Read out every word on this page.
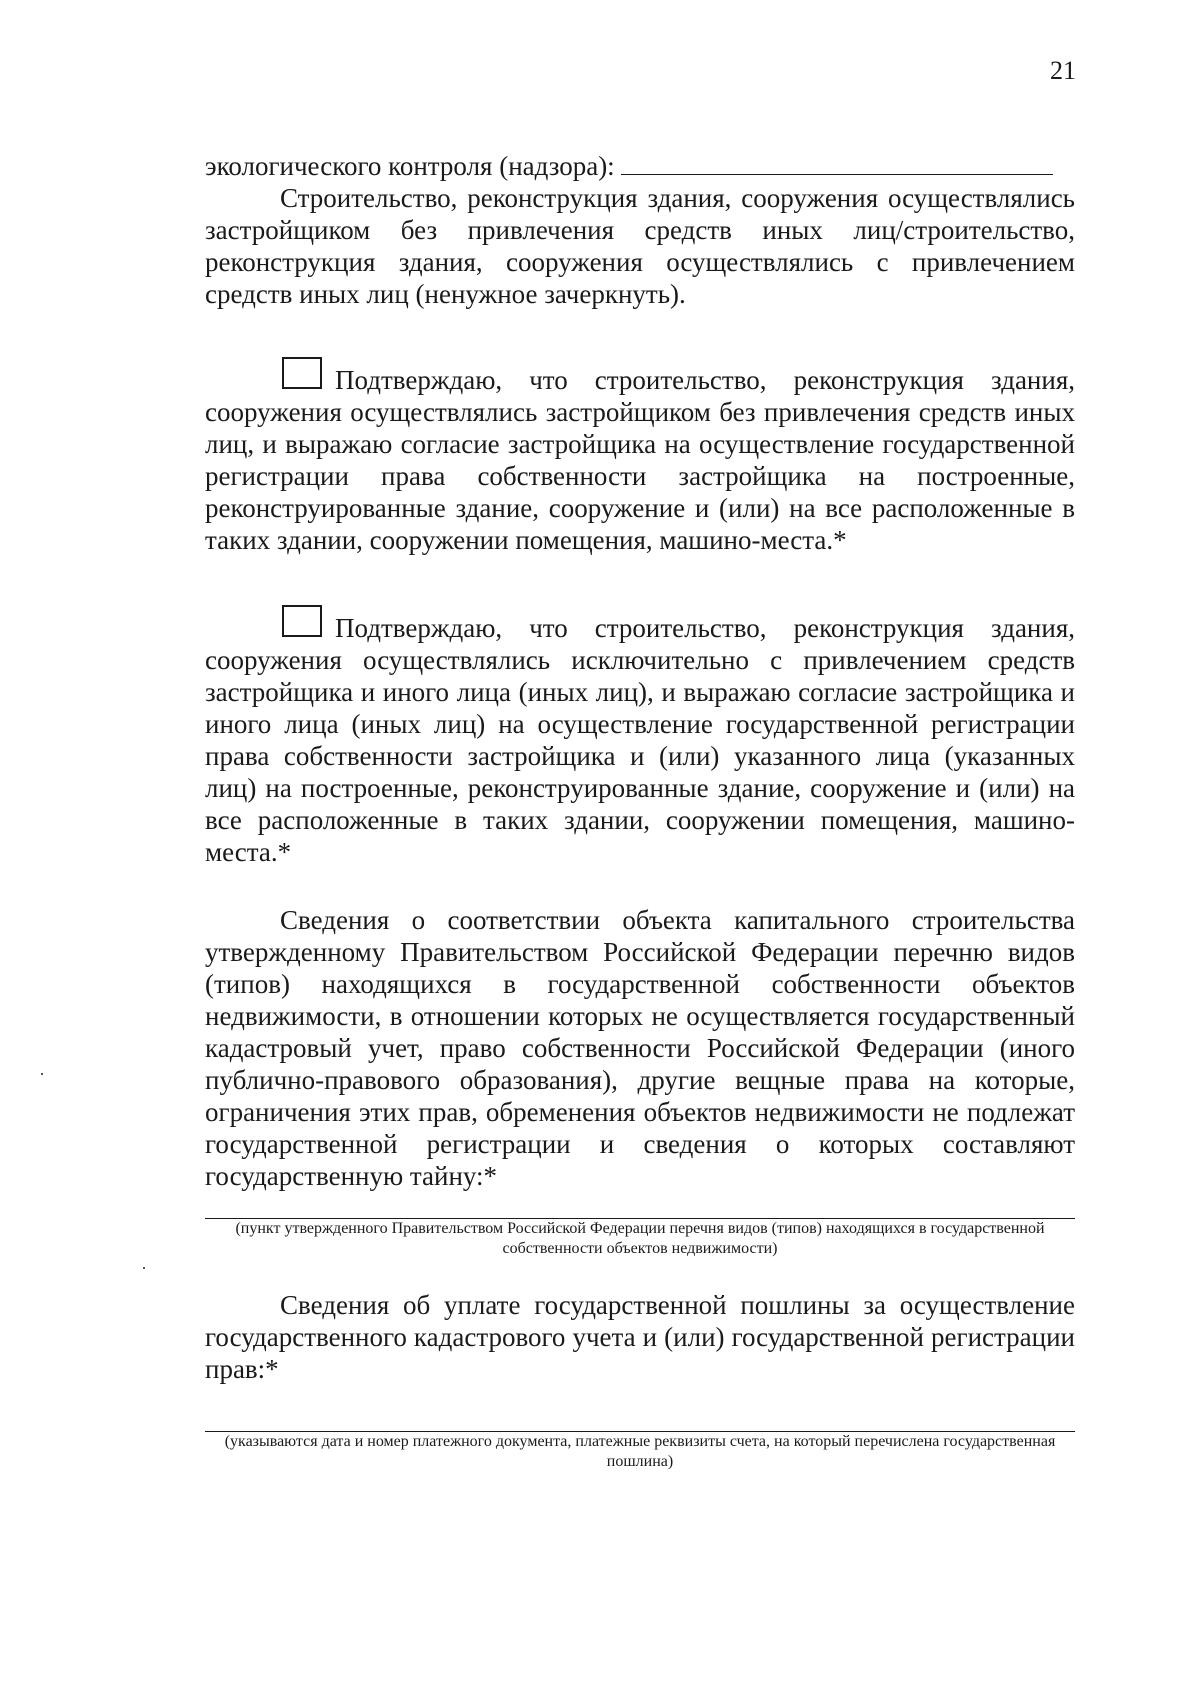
21
экологического контроля (надзора):

Строительство, реконструкция здания, сооружения осуществлялись застройщиком без привлечения средств иных лиц/строительство, реконструкция здания, сооружения осуществлялись с привлечением средств иных лиц (ненужное зачеркнуть).

Подтверждаю, что строительство, реконструкция здания, сооружения осуществлялись застройщиком без привлечения средств иных лиц, и выражаю согласие застройщика на осуществление государственной регистрации права собственности застройщика на построенные, реконструированные здание, сооружение и (или) на все расположенные в таких здании, сооружении помещения, машино-места.*

Подтверждаю, что строительство, реконструкция здания, сооружения осуществлялись исключительно с привлечением средств застройщика и иного лица (иных лиц), и выражаю согласие застройщика и иного лица (иных лиц) на осуществление государственной регистрации права собственности застройщика и (или) указанного лица (указанных лиц) на построенные, реконструированные здание, сооружение и (или) на все расположенные в таких здании, сооружении помещения, машино-места.*

Сведения о соответствии объекта капитального строительства утвержденному Правительством Российской Федерации перечню видов (типов) находящихся в государственной собственности объектов недвижимости, в отношении которых не осуществляется государственный кадастровый учет, право собственности Российской Федерации (иного публично-правового образования), другие вещные права на которые, ограничения этих прав, обременения объектов недвижимости не подлежат государственной регистрации и сведения о которых составляют государственную тайну:*

(пункт утвержденного Правительством Российской Федерации перечня видов (типов) находящихся в государственной собственности объектов недвижимости)

Сведения об уплате государственной пошлины за осуществление государственного кадастрового учета и (или) государственной регистрации прав:*

(указываются дата и номер платежного документа, платежные реквизиты счета, на который перечислена государственная пошлина)
